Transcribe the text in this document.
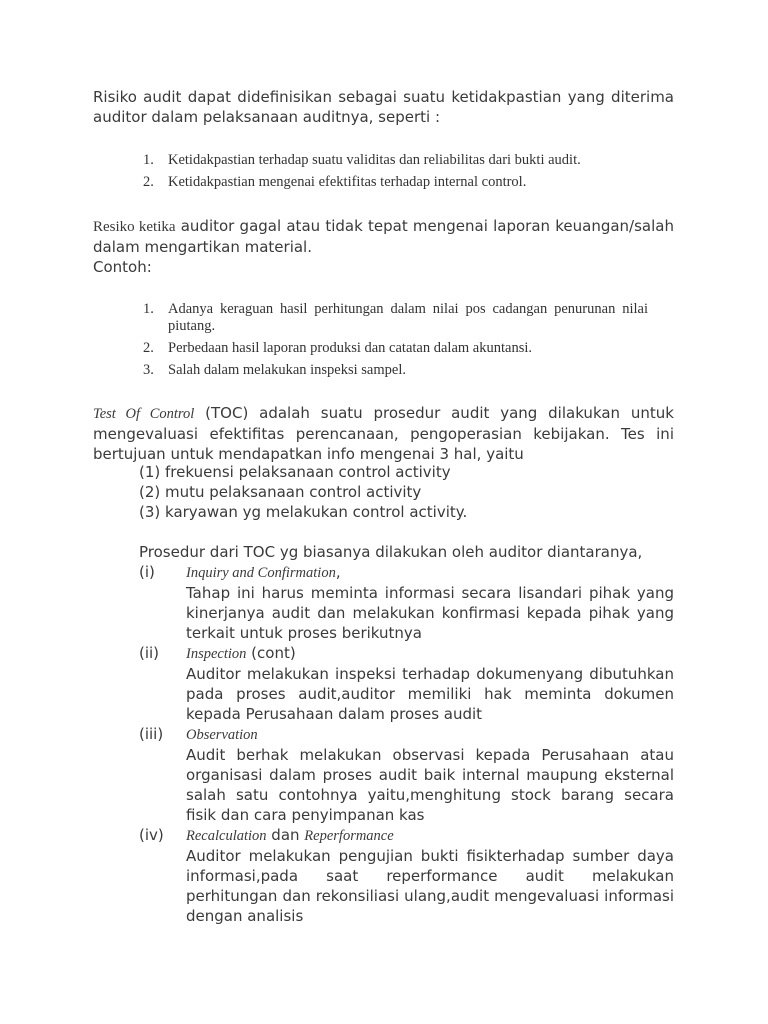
Risiko audit dapat didefinisikan sebagai suatu ketidakpastian yang diterima auditor dalam pelaksanaan auditnya, seperti :

1. Ketidakpastian terhadap suatu validitas dan reliabilitas dari bukti audit.
2. Ketidakpastian mengenai efektifitas terhadap internal control.

Resiko ketika auditor gagal atau tidak tepat mengenai laporan keuangan/salah dalam mengartikan material.
Contoh:

1. Adanya keraguan hasil perhitungan dalam nilai pos cadangan penurunan nilai piutang.
2. Perbedaan hasil laporan produksi dan catatan dalam akuntansi.
3. Salah dalam melakukan inspeksi sampel.

Test Of Control (TOC) adalah suatu prosedur audit yang dilakukan untuk mengevaluasi efektifitas perencanaan, pengoperasian kebijakan. Tes ini bertujuan untuk mendapatkan info mengenai 3 hal, yaitu

(1) frekuensi pelaksanaan control activity

(2) mutu pelaksanaan control activity

(3) karyawan yg melakukan control activity.

Prosedur dari TOC yg biasanya dilakukan oleh auditor diantaranya,
(i) Inquiry and Confirmation,
Tahap ini harus meminta informasi secara lisandari pihak yang kinerjanya audit dan melakukan konfirmasi kepada pihak yang terkait untuk proses berikutnya
(ii) Inspection (cont)
Auditor melakukan inspeksi terhadap dokumenyang dibutuhkan pada proses audit,auditor memiliki hak meminta dokumen kepada Perusahaan dalam proses audit
(iii) Observation
Audit berhak melakukan observasi kepada Perusahaan atau organisasi dalam proses audit baik internal maupung eksternal salah satu contohnya yaitu,menghitung stock barang secara fisik dan cara penyimpanan kas
(iv) Recalculation dan Reperformance
Auditor melakukan pengujian bukti fisikterhadap sumber daya informasi,pada saat reperformance audit melakukan perhitungan dan rekonsiliasi ulang,audit mengevaluasi informasi dengan analisis
